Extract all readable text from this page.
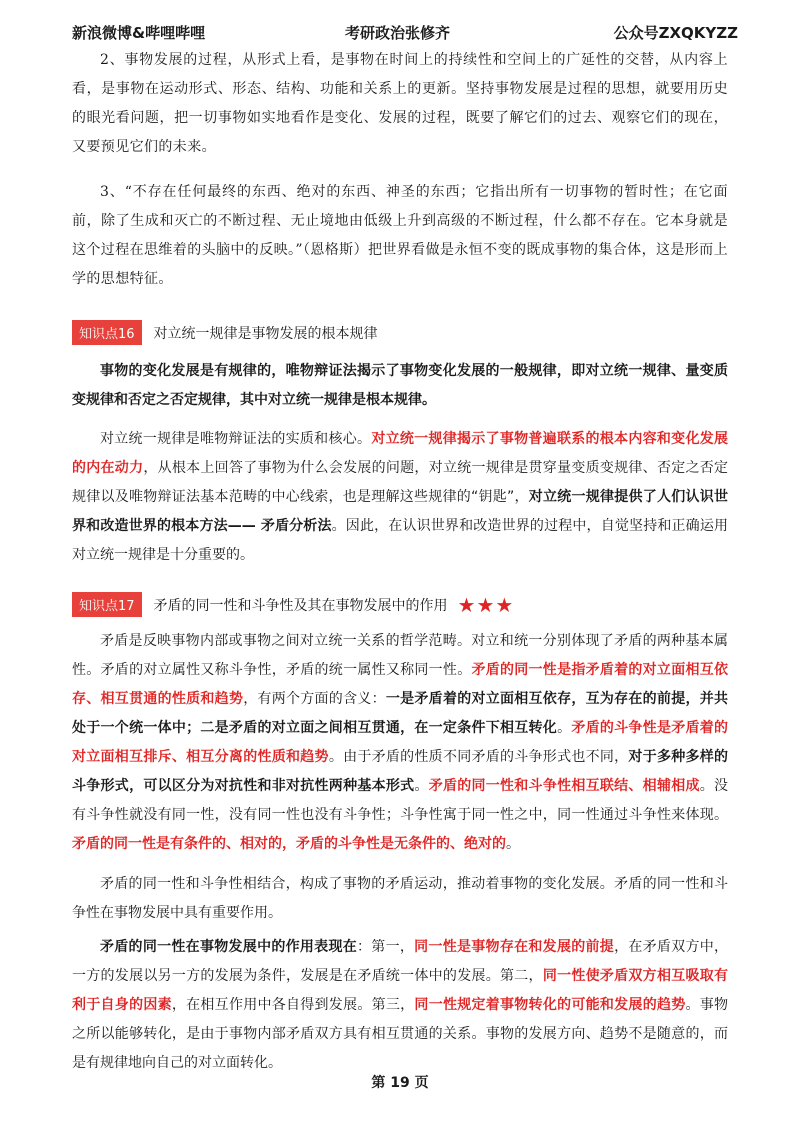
新浪微博&哔哩哔哩	考研政治张修齐	公众号ZXQKYZZ
2、事物发展的过程，从形式上看，是事物在时间上的持续性和空间上的广延性的交替，从内容上看，是事物在运动形式、形态、结构、功能和关系上的更新。坚持事物发展是过程的思想，就要用历史的眼光看问题，把一切事物如实地看作是变化、发展的过程，既要了解它们的过去、观察它们的现在，又要预见它们的未来。
3、“不存在任何最终的东西、绝对的东西、神圣的东西；它指出所有一切事物的暂时性；在它面前，除了生成和灭亡的不断过程、无止境地由低级上升到高级的不断过程，什么都不存在。它本身就是这个过程在思维着的头脑中的反映。”（恩格斯）把世界看做是永恒不变的既成事物的集合体，这是形而上学的思想特征。
知识点16	对立统一规律是事物发展的根本规律
事物的变化发展是有规律的，唯物辩证法揭示了事物变化发展的一般规律，即对立统一规律、量变质变规律和否定之否定规律，其中对立统一规律是根本规律。
对立统一规律是唯物辩证法的实质和核心。对立统一规律揭示了事物普遍联系的根本内容和变化发展的内在动力，从根本上回答了事物为什么会发展的问题，对立统一规律是贯穿量变质变规律、否定之否定规律以及唯物辩证法基本范畴的中心线索，也是理解这些规律的“钥匙”，对立统一规律提供了人们认识世界和改造世界的根本方法—— 矛盾分析法。因此，在认识世界和改造世界的过程中，自觉坚持和正确运用对立统一规律是十分重要的。
知识点17	矛盾的同一性和斗争性及其在事物发展中的作用 ★★★
矛盾是反映事物内部或事物之间对立统一关系的哲学范畴。对立和统一分别体现了矛盾的两种基本属性。矛盾的对立属性又称斗争性，矛盾的统一属性又称同一性。矛盾的同一性是指矛盾着的对立面相互依存、相互贯通的性质和趋势，有两个方面的含义：一是矛盾着的对立面相互依存，互为存在的前提，并共处于一个统一体中；二是矛盾的对立面之间相互贯通，在一定条件下相互转化。矛盾的斗争性是矛盾着的对立面相互排斥、相互分离的性质和趋势。由于矛盾的性质不同矛盾的斗争形式也不同，对于多种多样的斗争形式，可以区分为对抗性和非对抗性两种基本形式。矛盾的同一性和斗争性相互联结、相辅相成。没有斗争性就没有同一性，没有同一性也没有斗争性；斗争性寓于同一性之中，同一性通过斗争性来体现。矛盾的同一性是有条件的、相对的，矛盾的斗争性是无条件的、绝对的。
矛盾的同一性和斗争性相结合，构成了事物的矛盾运动，推动着事物的变化发展。矛盾的同一性和斗争性在事物发展中具有重要作用。
矛盾的同一性在事物发展中的作用表现在：第一，同一性是事物存在和发展的前提，在矛盾双方中，一方的发展以另一方的发展为条件，发展是在矛盾统一体中的发展。第二，同一性使矛盾双方相互吸取有利于自身的因素，在相互作用中各自得到发展。第三，同一性规定着事物转化的可能和发展的趋势。事物之所以能够转化，是由于事物内部矛盾双方具有相互贯通的关系。事物的发展方向、趋势不是随意的，而是有规律地向自己的对立面转化。
第 19 页
